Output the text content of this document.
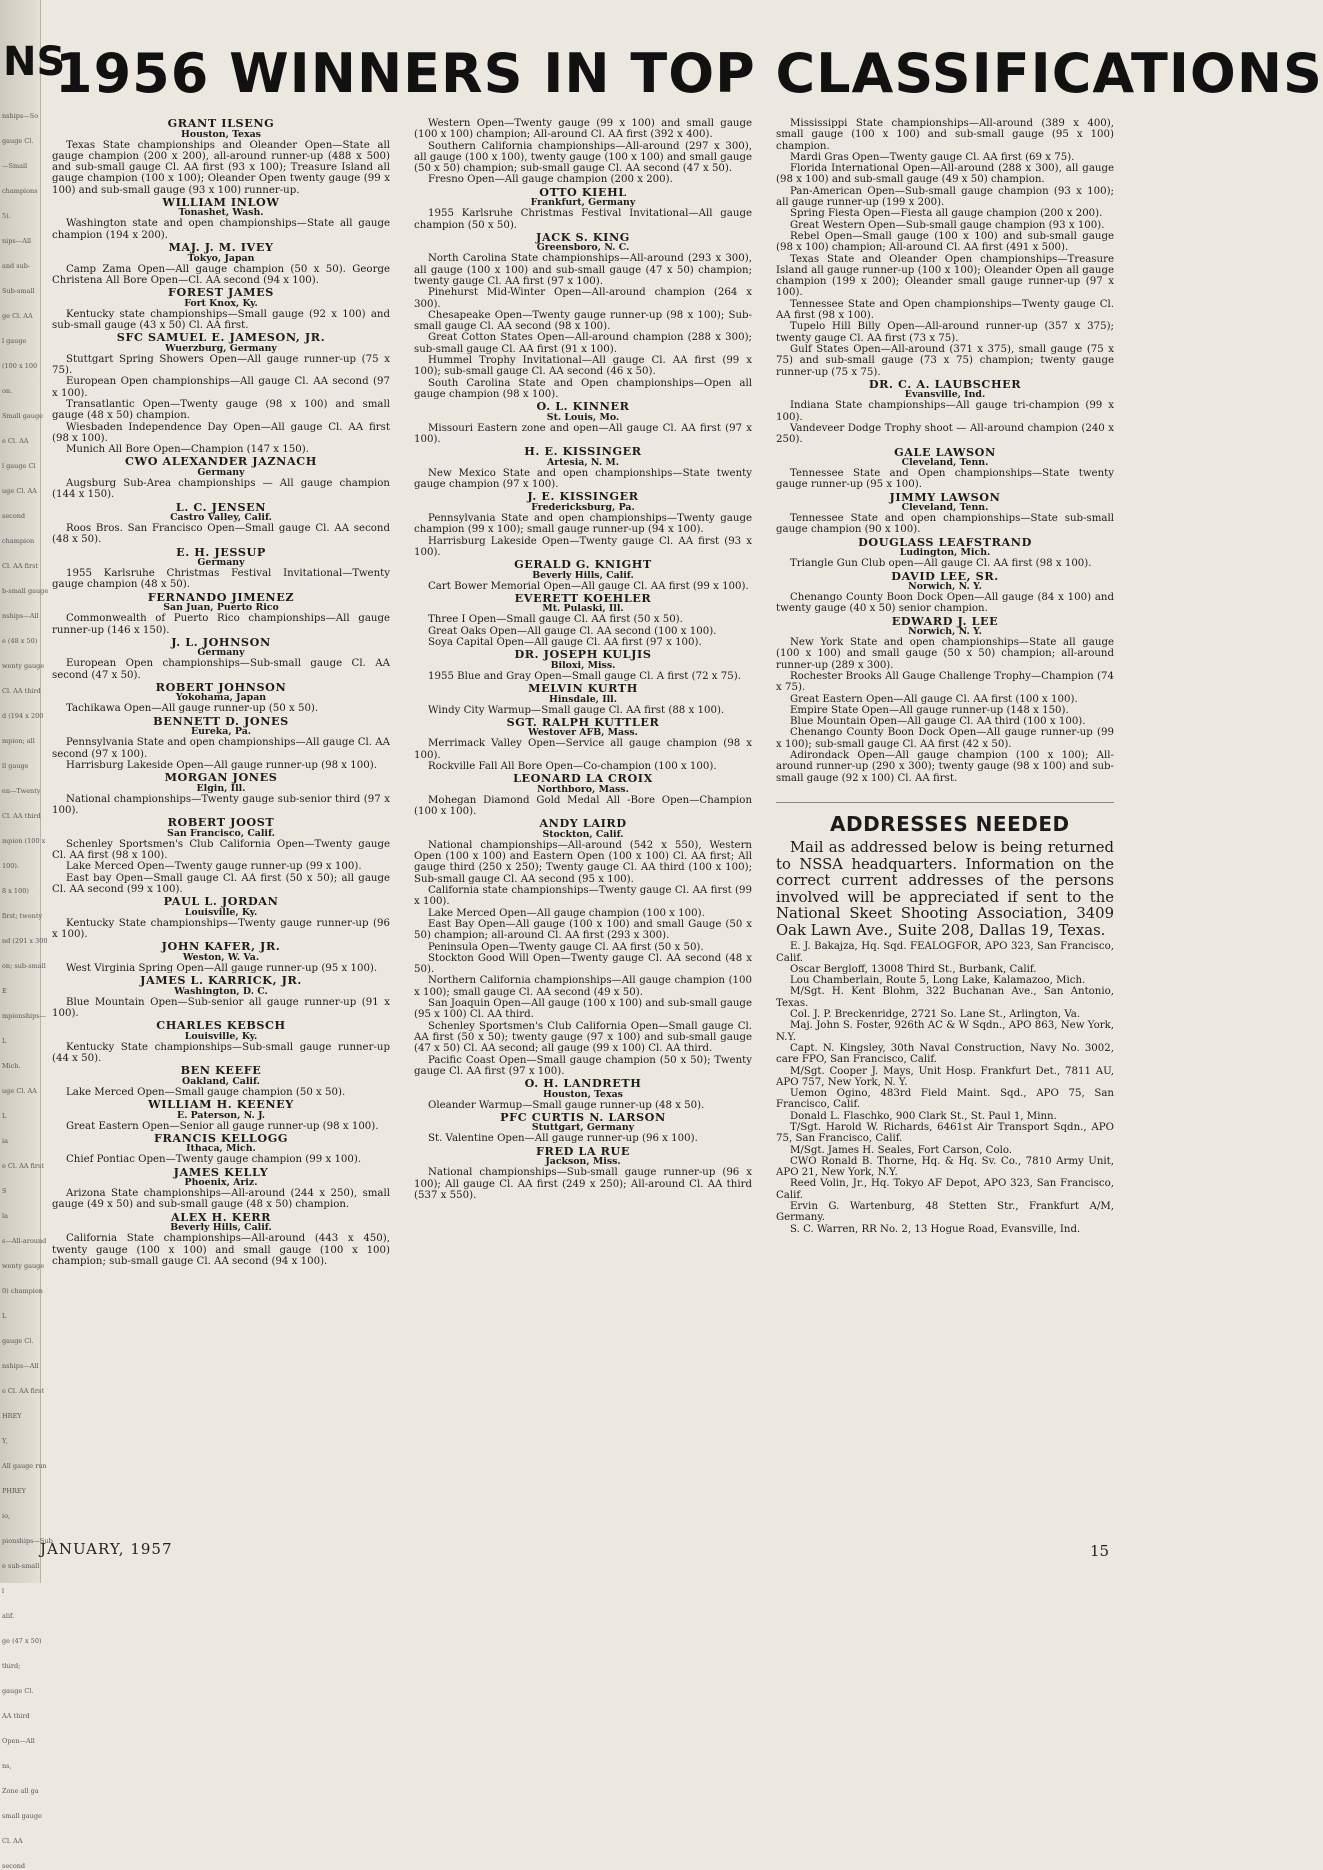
NS
nships—So
gauge Cl.
—Small
champions
5).
nips—All
and sub-
Sub-small
ge Cl. AA
l gauge
(100 x 100
on.
Small gauge
e Cl. AA
l gauge Cl
uge Cl. AA
second
champion
Cl. AA first
b-small gauge
nships—All
e (48 x 50)
wenty gauge
Cl. AA third
d (194 x 200
mpion; all
ll gauge
en—Twenty
Cl. AA third
mpion (100 x
100).
8 x 100)
first; twenty
nd (291 x 300
on; sub-small
E
mpionships—
L
Mich.
uge Cl. AA
L
ia
e Cl. AA first
S
la
s—All-around
wenty gauge
0) champion
L
gauge Cl.
nships—All
e Cl. AA first
HREY
Y,
All gauge run
PHREY
io,
pionships—Sub
e sub-small
l
alif.
ge (47 x 50)
third;
gauge Cl.
AA third
Open—All
ns,
Zone all ga
small gauge
Cl. AA
second
1956 WINNERS IN TOP CLASSIFICATIONS
GRANT ILSENG
Houston, Texas

Texas State championships and Oleander Open—State all gauge champion (200 x 200), all-around runner-up (488 x 500) and sub-small gauge Cl. AA first (93 x 100); Treasure Island all gauge champion (100 x 100); Oleander Open twenty gauge (99 x 100) and sub-small gauge (93 x 100) runner-up.

WILLIAM INLOW
Tonashet, Wash.

Washington state and open championships—State all gauge champion (194 x 200).

MAJ. J. M. IVEY
Tokyo, Japan

Camp Zama Open—All gauge champion (50 x 50). George Christena All Bore Open—Cl. AA second (94 x 100).

FOREST JAMES
Fort Knox, Ky.

Kentucky state championships—Small gauge (92 x 100) and sub-small gauge (43 x 50) Cl. AA first.

SFC SAMUEL E. JAMESON, JR.
Wuerzburg, Germany

Stuttgart Spring Showers Open—All gauge runner-up (75 x 75).

European Open championships—All gauge Cl. AA second (97 x 100).

Transatlantic Open—Twenty gauge (98 x 100) and small gauge (48 x 50) champion.

Wiesbaden Independence Day Open—All gauge Cl. AA first (98 x 100).

Munich All Bore Open—Champion (147 x 150).

CWO ALEXANDER JAZNACH
Germany

Augsburg Sub-Area championships — All gauge champion (144 x 150).

L. C. JENSEN
Castro Valley, Calif.

Roos Bros. San Francisco Open—Small gauge Cl. AA second (48 x 50).

E. H. JESSUP
Germany

1955 Karlsruhe Christmas Festival Invitational—Twenty gauge champion (48 x 50).

FERNANDO JIMENEZ
San Juan, Puerto Rico

Commonwealth of Puerto Rico championships—All gauge runner-up (146 x 150).

J. L. JOHNSON
Germany

European Open championships—Sub-small gauge Cl. AA second (47 x 50).

ROBERT JOHNSON
Yokohama, Japan

Tachikawa Open—All gauge runner-up (50 x 50).

BENNETT D. JONES
Eureka, Pa.

Pennsylvania State and open championships—All gauge Cl. AA second (97 x 100).

Harrisburg Lakeside Open—All gauge runner-up (98 x 100).

MORGAN JONES
Elgin, Ill.

National championships—Twenty gauge sub-senior third (97 x 100).

ROBERT JOOST
San Francisco, Calif.

Schenley Sportsmen's Club California Open—Twenty gauge Cl. AA first (98 x 100).

Lake Merced Open—Twenty gauge runner-up (99 x 100).

East bay Open—Small gauge Cl. AA first (50 x 50); all gauge Cl. AA second (99 x 100).

PAUL L. JORDAN
Louisville, Ky.

Kentucky State championships—Twenty gauge runner-up (96 x 100).

JOHN KAFER, JR.
Weston, W. Va.

West Virginia Spring Open—All gauge runner-up (95 x 100).

JAMES L. KARRICK, JR.
Washington, D. C.

Blue Mountain Open—Sub-senior all gauge runner-up (91 x 100).

CHARLES KEBSCH
Louisville, Ky.

Kentucky State championships—Sub-small gauge runner-up (44 x 50).

BEN KEEFE
Oakland, Calif.

Lake Merced Open—Small gauge champion (50 x 50).

WILLIAM H. KEENEY
E. Paterson, N. J.

Great Eastern Open—Senior all gauge runner-up (98 x 100).

FRANCIS KELLOGG
Ithaca, Mich.

Chief Pontiac Open—Twenty gauge champion (99 x 100).

JAMES KELLY
Phoenix, Ariz.

Arizona State championships—All-around (244 x 250), small gauge (49 x 50) and sub-small gauge (48 x 50) champion.

ALEX H. KERR
Beverly Hills, Calif.

California State championships—All-around (443 x 450), twenty gauge (100 x 100) and small gauge (100 x 100) champion; sub-small gauge Cl. AA second (94 x 100).

Western Open—Twenty gauge (99 x 100) and small gauge (100 x 100) champion; All-around Cl. AA first (392 x 400).

Southern California championships—All-around (297 x 300), all gauge (100 x 100), twenty gauge (100 x 100) and small gauge (50 x 50) champion; sub-small gauge Cl. AA second (47 x 50).

Fresno Open—All gauge champion (200 x 200).

OTTO KIEHL
Frankfurt, Germany

1955 Karlsruhe Christmas Festival Invitational—All gauge champion (50 x 50).

JACK S. KING
Greensboro, N. C.

North Carolina State championships—All-around (293 x 300), all gauge (100 x 100) and sub-small gauge (47 x 50) champion; twenty gauge Cl. AA first (97 x 100).

Pinehurst Mid-Winter Open—All-around champion (264 x 300).

Chesapeake Open—Twenty gauge runner-up (98 x 100); Sub-small gauge Cl. AA second (98 x 100).

Great Cotton States Open—All-around champion (288 x 300); sub-small gauge Cl. AA first (91 x 100).

Hummel Trophy Invitational—All gauge Cl. AA first (99 x 100); sub-small gauge Cl. AA second (46 x 50).

South Carolina State and Open championships—Open all gauge champion (98 x 100).

O. L. KINNER
St. Louis, Mo.

Missouri Eastern zone and open—All gauge Cl. AA first (97 x 100).

H. E. KISSINGER
Artesia, N. M.

New Mexico State and open championships—State twenty gauge champion (97 x 100).

J. E. KISSINGER
Fredericksburg, Pa.

Pennsylvania State and open championships—Twenty gauge champion (99 x 100); small gauge runner-up (94 x 100).

Harrisburg Lakeside Open—Twenty gauge Cl. AA first (93 x 100).

GERALD G. KNIGHT
Beverly Hills, Calif.

Cart Bower Memorial Open—All gauge Cl. AA first (99 x 100).

EVERETT KOEHLER
Mt. Pulaski, Ill.

Three I Open—Small gauge Cl. AA first (50 x 50).

Great Oaks Open—All gauge Cl. AA second (100 x 100).

Soya Capital Open—All gauge Cl. AA first (97 x 100).

DR. JOSEPH KULJIS
Biloxi, Miss.

1955 Blue and Gray Open—Small gauge Cl. A first (72 x 75).

MELVIN KURTH
Hinsdale, Ill.

Windy City Warmup—Small gauge Cl. AA first (88 x 100).

SGT. RALPH KUTTLER
Westover AFB, Mass.

Merrimack Valley Open—Service all gauge champion (98 x 100).

Rockville Fall All Bore Open—Co-champion (100 x 100).

LEONARD LA CROIX
Northboro, Mass.

Mohegan Diamond Gold Medal All -Bore Open—Champion (100 x 100).

ANDY LAIRD
Stockton, Calif.

National championships—All-around (542 x 550), Western Open (100 x 100) and Eastern Open (100 x 100) Cl. AA first; All gauge third (250 x 250); Twenty gauge Cl. AA third (100 x 100); Sub-small gauge Cl. AA second (95 x 100).

California state championships—Twenty gauge Cl. AA first (99 x 100).

Lake Merced Open—All gauge champion (100 x 100).

East Bay Open—All gauge (100 x 100) and small Gauge (50 x 50) champion; all-around Cl. AA first (293 x 300).

Peninsula Open—Twenty gauge Cl. AA first (50 x 50).

Stockton Good Will Open—Twenty gauge Cl. AA second (48 x 50).

Northern California championships—All gauge champion (100 x 100); small gauge Cl. AA second (49 x 50).

San Joaquin Open—All gauge (100 x 100) and sub-small gauge (95 x 100) Cl. AA third.

Schenley Sportsmen's Club California Open—Small gauge Cl. AA first (50 x 50); twenty gauge (97 x 100) and sub-small gauge (47 x 50) Cl. AA second; all gauge (99 x 100) Cl. AA third.

Pacific Coast Open—Small gauge champion (50 x 50); Twenty gauge Cl. AA first (97 x 100).

O. H. LANDRETH
Houston, Texas

Oleander Warmup—Small gauge runner-up (48 x 50).

PFC CURTIS N. LARSON
Stuttgart, Germany

St. Valentine Open—All gauge runner-up (96 x 100).

FRED LA RUE
Jackson, Miss.

National championships—Sub-small gauge runner-up (96 x 100); All gauge Cl. AA first (249 x 250); All-around Cl. AA third (537 x 550).

Mississippi State championships—All-around (389 x 400), small gauge (100 x 100) and sub-small gauge (95 x 100) champion.

Mardi Gras Open—Twenty gauge Cl. AA first (69 x 75).

Florida International Open—All-around (288 x 300), all gauge (98 x 100) and sub-small gauge (49 x 50) champion.

Pan-American Open—Sub-small gauge champion (93 x 100); all gauge runner-up (199 x 200).

Spring Fiesta Open—Fiesta all gauge champion (200 x 200).

Great Western Open—Sub-small gauge champion (93 x 100).

Rebel Open—Small gauge (100 x 100) and sub-small gauge (98 x 100) champion; All-around Cl. AA first (491 x 500).

Texas State and Oleander Open championships—Treasure Island all gauge runner-up (100 x 100); Oleander Open all gauge champion (199 x 200); Oleander small gauge runner-up (97 x 100).

Tennessee State and Open championships—Twenty gauge Cl. AA first (98 x 100).

Tupelo Hill Billy Open—All-around runner-up (357 x 375); twenty gauge Cl. AA first (73 x 75).

Gulf States Open—All-around (371 x 375), small gauge (75 x 75) and sub-small gauge (73 x 75) champion; twenty gauge runner-up (75 x 75).

DR. C. A. LAUBSCHER
Evansville, Ind.

Indiana State championships—All gauge tri-champion (99 x 100).

Vandeveer Dodge Trophy shoot — All-around champion (240 x 250).

GALE LAWSON
Cleveland, Tenn.

Tennessee State and Open championships—State twenty gauge runner-up (95 x 100).

JIMMY LAWSON
Cleveland, Tenn.

Tennessee State and open championships—State sub-small gauge champion (90 x 100).

DOUGLASS LEAFSTRAND
Ludington, Mich.

Triangle Gun Club open—All gauge Cl. AA first (98 x 100).

DAVID LEE, SR.
Norwich, N. Y.

Chenango County Boon Dock Open—All gauge (84 x 100) and twenty gauge (40 x 50) senior champion.

EDWARD J. LEE
Norwich, N. Y.

New York State and open championships—State all gauge (100 x 100) and small gauge (50 x 50) champion; all-around runner-up (289 x 300).

Rochester Brooks All Gauge Challenge Trophy—Champion (74 x 75).

Great Eastern Open—All gauge Cl. AA first (100 x 100).

Empire State Open—All gauge runner-up (148 x 150).

Blue Mountain Open—All gauge Cl. AA third (100 x 100).

Chenango County Boon Dock Open—All gauge runner-up (99 x 100); sub-small gauge Cl. AA first (42 x 50).

Adirondack Open—All gauge champion (100 x 100); All-around runner-up (290 x 300); twenty gauge (98 x 100) and sub-small gauge (92 x 100) Cl. AA first.

ADDRESSES NEEDED

Mail as addressed below is being returned to NSSA headquarters. Information on the correct current addresses of the persons involved will be appreciated if sent to the National Skeet Shooting Association, 3409 Oak Lawn Ave., Suite 208, Dallas 19, Texas.

E. J. Bakajza, Hq. Sqd. FEALOGFOR, APO 323, San Francisco, Calif.

Oscar Bergloff, 13008 Third St., Burbank, Calif.

Lou Chamberlain, Route 5, Long Lake, Kalamazoo, Mich.

M/Sgt. H. Kent Blohm, 322 Buchanan Ave., San Antonio, Texas.

Col. J. P. Breckenridge, 2721 So. Lane St., Arlington, Va.

Maj. John S. Foster, 926th AC & W Sqdn., APO 863, New York, N.Y.

Capt. N. Kingsley, 30th Naval Construction, Navy No. 3002, care FPO, San Francisco, Calif.

M/Sgt. Cooper J. Mays, Unit Hosp. Frankfurt Det., 7811 AU, APO 757, New York, N. Y.

Uemon Ogino, 483rd Field Maint. Sqd., APO 75, San Francisco, Calif.

Donald L. Flaschko, 900 Clark St., St. Paul 1, Minn.

T/Sgt. Harold W. Richards, 6461st Air Transport Sqdn., APO 75, San Francisco, Calif.

M/Sgt. James H. Seales, Fort Carson, Colo.

CWO Ronald B. Thorne, Hq. & Hq. Sv. Co., 7810 Army Unit, APO 21, New York, N.Y.

Reed Volin, Jr., Hq. Tokyo AF Depot, APO 323, San Francisco, Calif.

Ervin G. Wartenburg, 48 Stetten Str., Frankfurt A/M, Germany.

S. C. Warren, RR No. 2, 13 Hogue Road, Evansville, Ind.

JANUARY, 1957	15
